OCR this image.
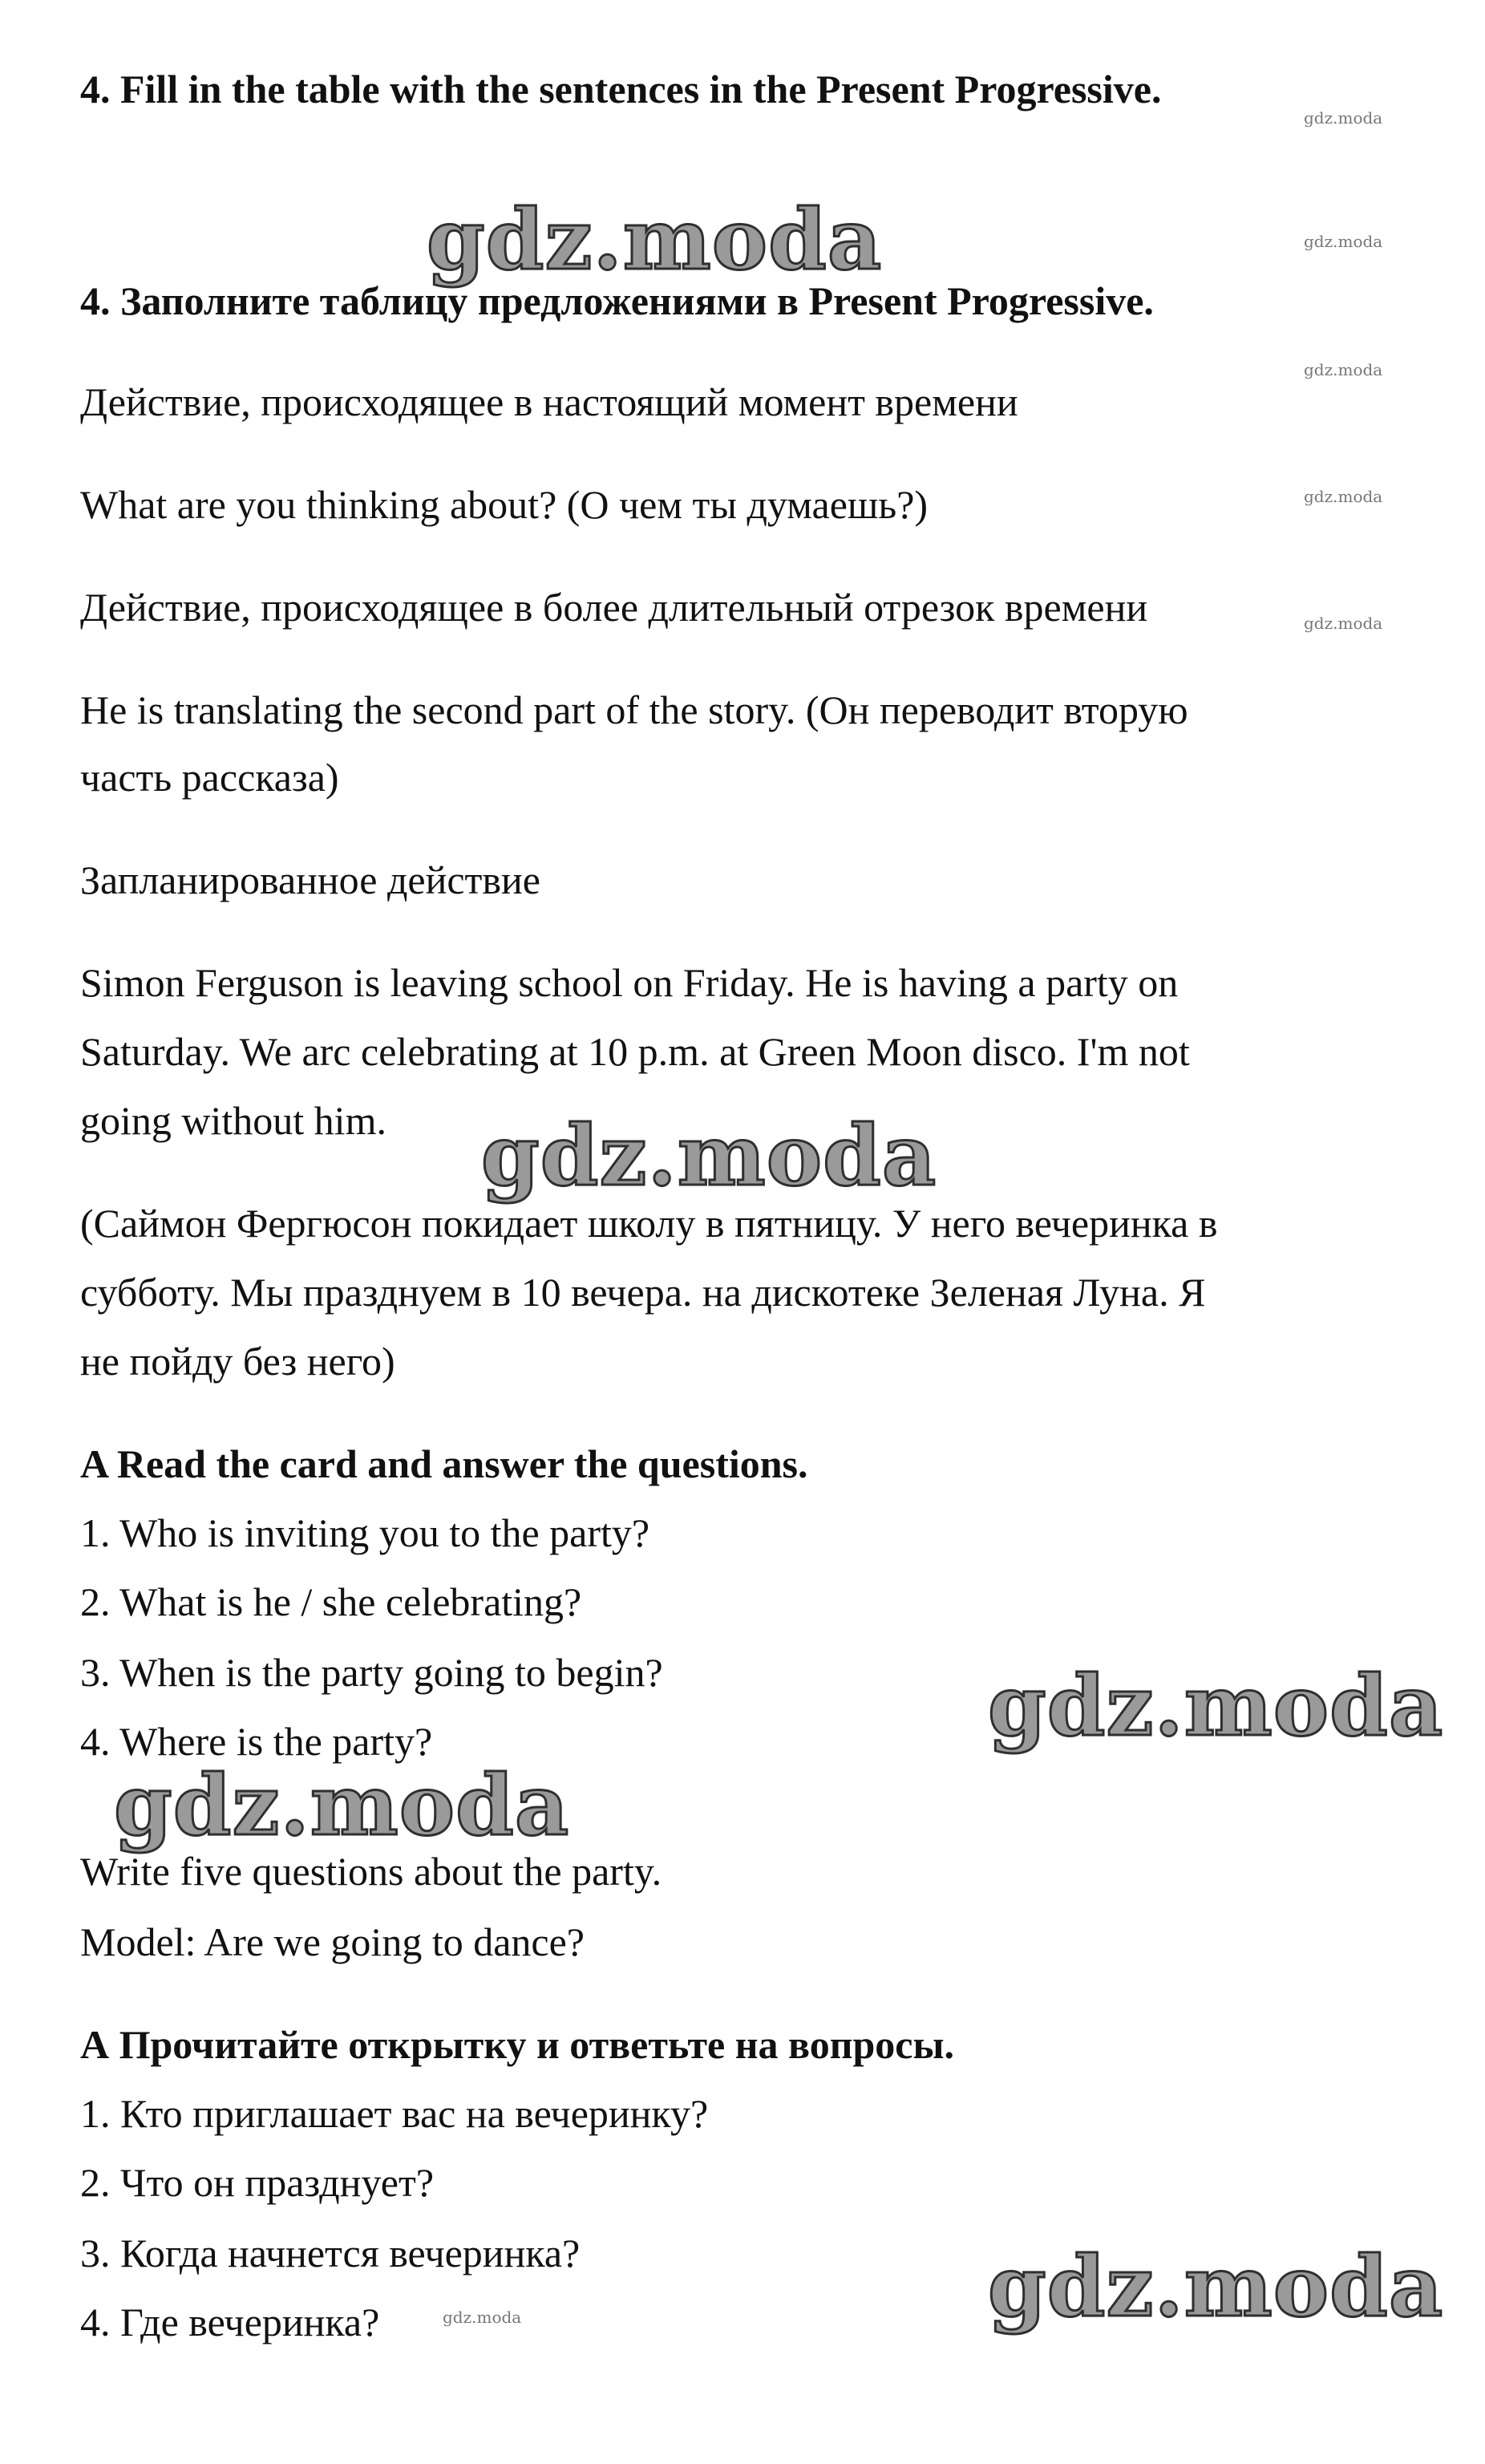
4. Fill in the table with the sentences in the Present Progressive.
4. Заполните таблицу предложениями в Present Progressive.
Действие, происходящее в настоящий момент времени
What are you thinking about? (О чем ты думаешь?)
Действие, происходящее в более длительный отрезок времени
He is translating the second part of the story. (Он переводит вторую
часть рассказа)
Запланированное действие
Simon Ferguson is leaving school on Friday. He is having a party on
Saturday. We arc celebrating at 10 p.m. at Green Moon disco. I'm not
going without him.
(Саймон Фергюсон покидает школу в пятницу. У него вечеринка в
субботу. Мы празднуем в 10 вечера. на дискотеке Зеленая Луна. Я
не пойду без него)
A Read the card and answer the questions.
1. Who is inviting you to the party?
2. What is he / she celebrating?
3. When is the party going to begin?
4. Where is the party?
Write five questions about the party.
Model: Are we going to dance?
А Прочитайте открытку и ответьте на вопросы.
1. Кто приглашает вас на вечеринку?
2. Что он празднует?
3. Когда начнется вечеринка?
4. Где вечеринка?
gdz.moda
gdz.moda
gdz.moda
gdz.moda
gdz.moda
gdz.moda
gdz.moda
gdz.moda
gdz.moda
gdz.moda
gdz.moda
